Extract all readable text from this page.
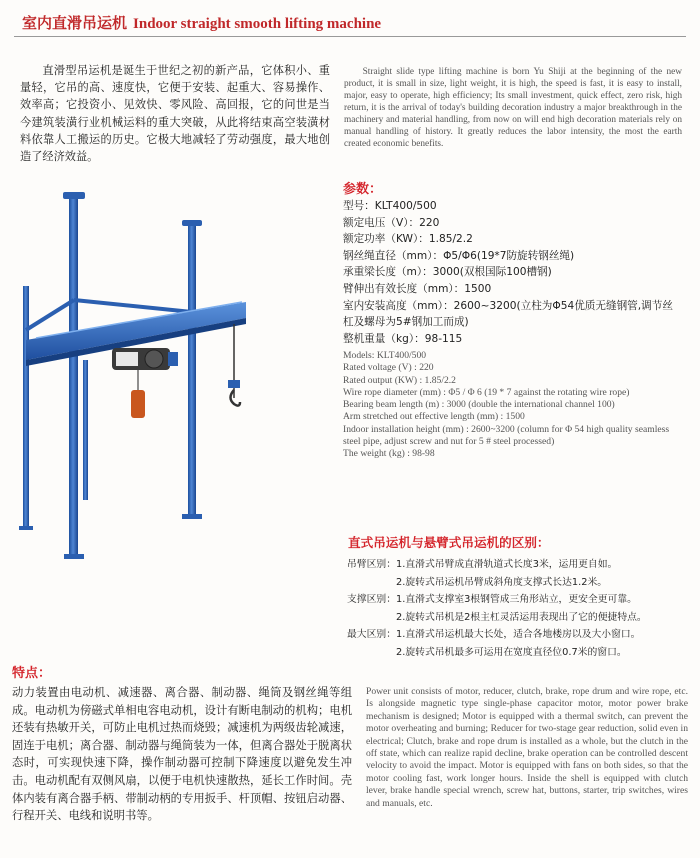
室内直滑吊运机 Indoor straight smooth lifting machine
直滑型吊运机是诞生于世纪之初的新产品，它体积小、重量轻，它吊的高、速度快，它便于安装、起重大、容易操作、效率高；它投资小、见效快、零风险、高回报，它的问世是当今建筑装潢行业机械运料的重大突破，从此将结束高空装潢材料依靠人工搬运的历史。它极大地减轻了劳动强度，最大地创造了经济效益。
Straight slide type lifting machine is born Yu Shiji at the beginning of the new product, it is small in size, light weight, it is high, the speed is fast, it is easy to install, major, easy to operate, high efficiency; Its small investment, quick effect, zero risk, high return, it is the arrival of today's building decoration industry a major breakthrough in the machinery and material handling, from now on will end high decoration materials rely on manual handling of history. It greatly reduces the labor intensity, the most the earth created economic benefits.
参数：
型号：KLT400/500
额定电压（V）：220
额定功率（KW）：1.85/2.2
钢丝绳直径（mm）：Φ5/Φ6(19*7防旋转钢丝绳)
承重梁长度（m）：3000(双根国际100槽钢)
臂伸出有效长度（mm）：1500
室内安装高度（mm）：2600~3200(立柱为Φ54优质无缝钢管,调节丝杠及螺母为5#钢加工而成)
整机重量（kg）：98-115
Models: KLT400/500
Rated voltage (V) : 220
Rated output (KW) : 1.85/2.2
Wire rope diameter (mm) : Φ5 / Φ 6 (19 * 7 against the rotating wire rope)
Bearing beam length (m) : 3000 (double the international channel 100)
Arm stretched out effective length (mm) : 1500
Indoor installation height (mm) : 2600~3200 (column for Φ 54 high quality seamless steel pipe, adjust screw and nut for 5 # steel processed)
The weight (kg) : 98-98
直式吊运机与悬臂式吊运机的区别：
吊臂区别： 1.直滑式吊臂成直滑轨道式长度3米，运用更自如。
2.旋转式吊运机吊臂成斜角度支撑式长达1.2米。
支撑区别： 1.直滑式支撑室3根钢管成三角形站立，更安全更可靠。
2.旋转式吊机是2根主杠灵活运用表现出了它的便捷特点。
最大区别： 1.直滑式吊运机最大长处，适合各地楼房以及大小窗口。
2.旋转式吊机最多可运用在宽度直径位0.7米的窗口。
特点：
动力装置由电动机、减速器、离合器、制动器、绳筒及钢丝绳等组成。电动机为傍磁式单相电容电动机，设计有断电制动的机构；电机还装有热敏开关，可防止电机过热而烧毁；减速机为两级齿轮减速，固连于电机；离合器、制动器与绳筒装为一体，但离合器处于脱离状态时，可实现快速下降，操作制动器可控制下降速度以避免发生冲击。电动机配有双侧风扇，以便于电机快速散热，延长工作时间。壳体内装有离合器手柄、带制动柄的专用扳手、杆顶帽、按钮启动器、行程开关、电线和说明书等。
Power unit consists of motor, reducer, clutch, brake, rope drum and wire rope, etc. Is alongside magnetic type single-phase capacitor motor, motor power brake mechanism is designed; Motor is equipped with a thermal switch, can prevent the motor overheating and burning; Reducer for two-stage gear reduction, solid even in electrical; Clutch, brake and rope drum is installed as a whole, but the clutch in the off state, which can realize rapid decline, brake operation can be controlled descent velocity to avoid the impact. Motor is equipped with fans on both sides, so that the motor cooling fast, work longer hours. Inside the shell is equipped with clutch lever, brake handle special wrench, screw hat, buttons, starter, trip switches, wires and manuals, etc.
